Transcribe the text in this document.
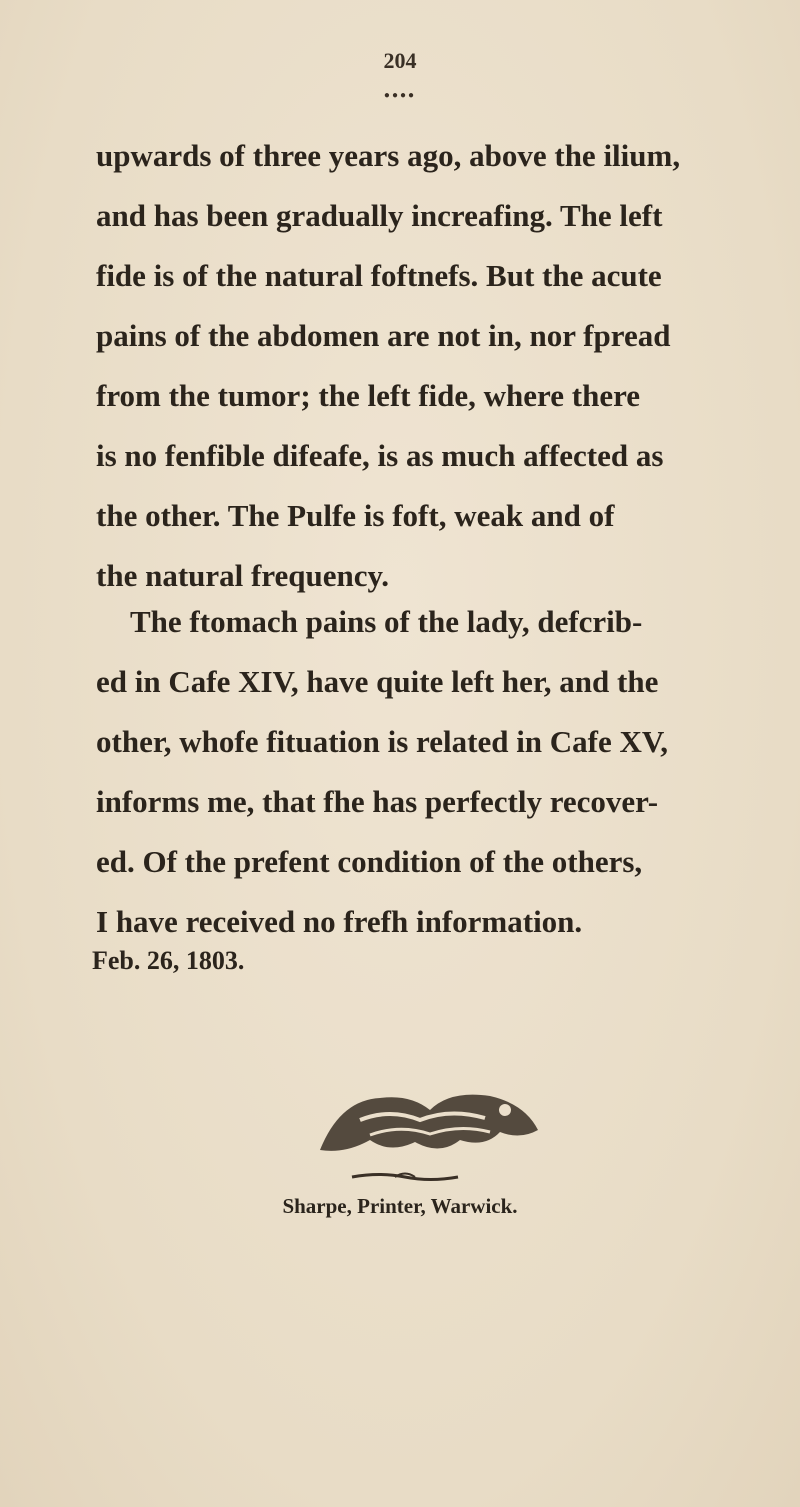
204
●●●●
upwards of three years ago, above the ilium,
and has been gradually increafing. The left
fide is of the natural foftnefs. But the acute
pains of the abdomen are not in, nor fpread
from the tumor; the left fide, where there
is no fenfible difeafe, is as much affected as
the other. The Pulfe is foft, weak and of
the natural frequency.
The ftomach pains of the lady, defcrib-
ed in Cafe XIV, have quite left her, and the
other, whofe fituation is related in Cafe XV,
informs me, that fhe has perfectly recover-
ed. Of the prefent condition of the others,
I have received no frefh information.
Feb. 26, 1803.
Sharpe, Printer, Warwick.
